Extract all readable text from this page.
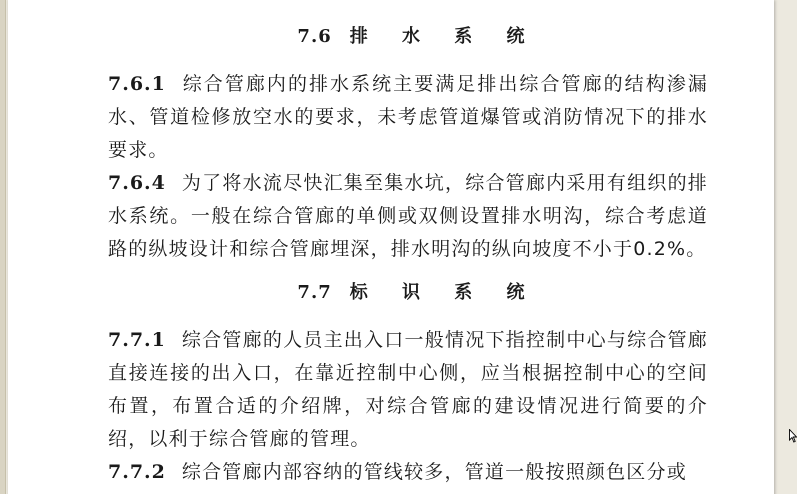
7.6 排 水 系 统

7.6.1 综合管廊内的排水系统主要满足排出综合管廊的结构渗漏水、管道检修放空水的要求，未考虑管道爆管或消防情况下的排水要求。

7.6.4 为了将水流尽快汇集至集水坑，综合管廊内采用有组织的排水系统。一般在综合管廊的单侧或双侧设置排水明沟，综合考虑道路的纵坡设计和综合管廊埋深，排水明沟的纵向坡度不小于0.2%。

7.7 标 识 系 统

7.7.1 综合管廊的人员主出入口一般情况下指控制中心与综合管廊直接连接的出入口，在靠近控制中心侧，应当根据控制中心的空间布置，布置合适的介绍牌，对综合管廊的建设情况进行简要的介绍，以利于综合管廊的管理。

7.7.2 综合管廊内部容纳的管线较多，管道一般按照颜色区分或
